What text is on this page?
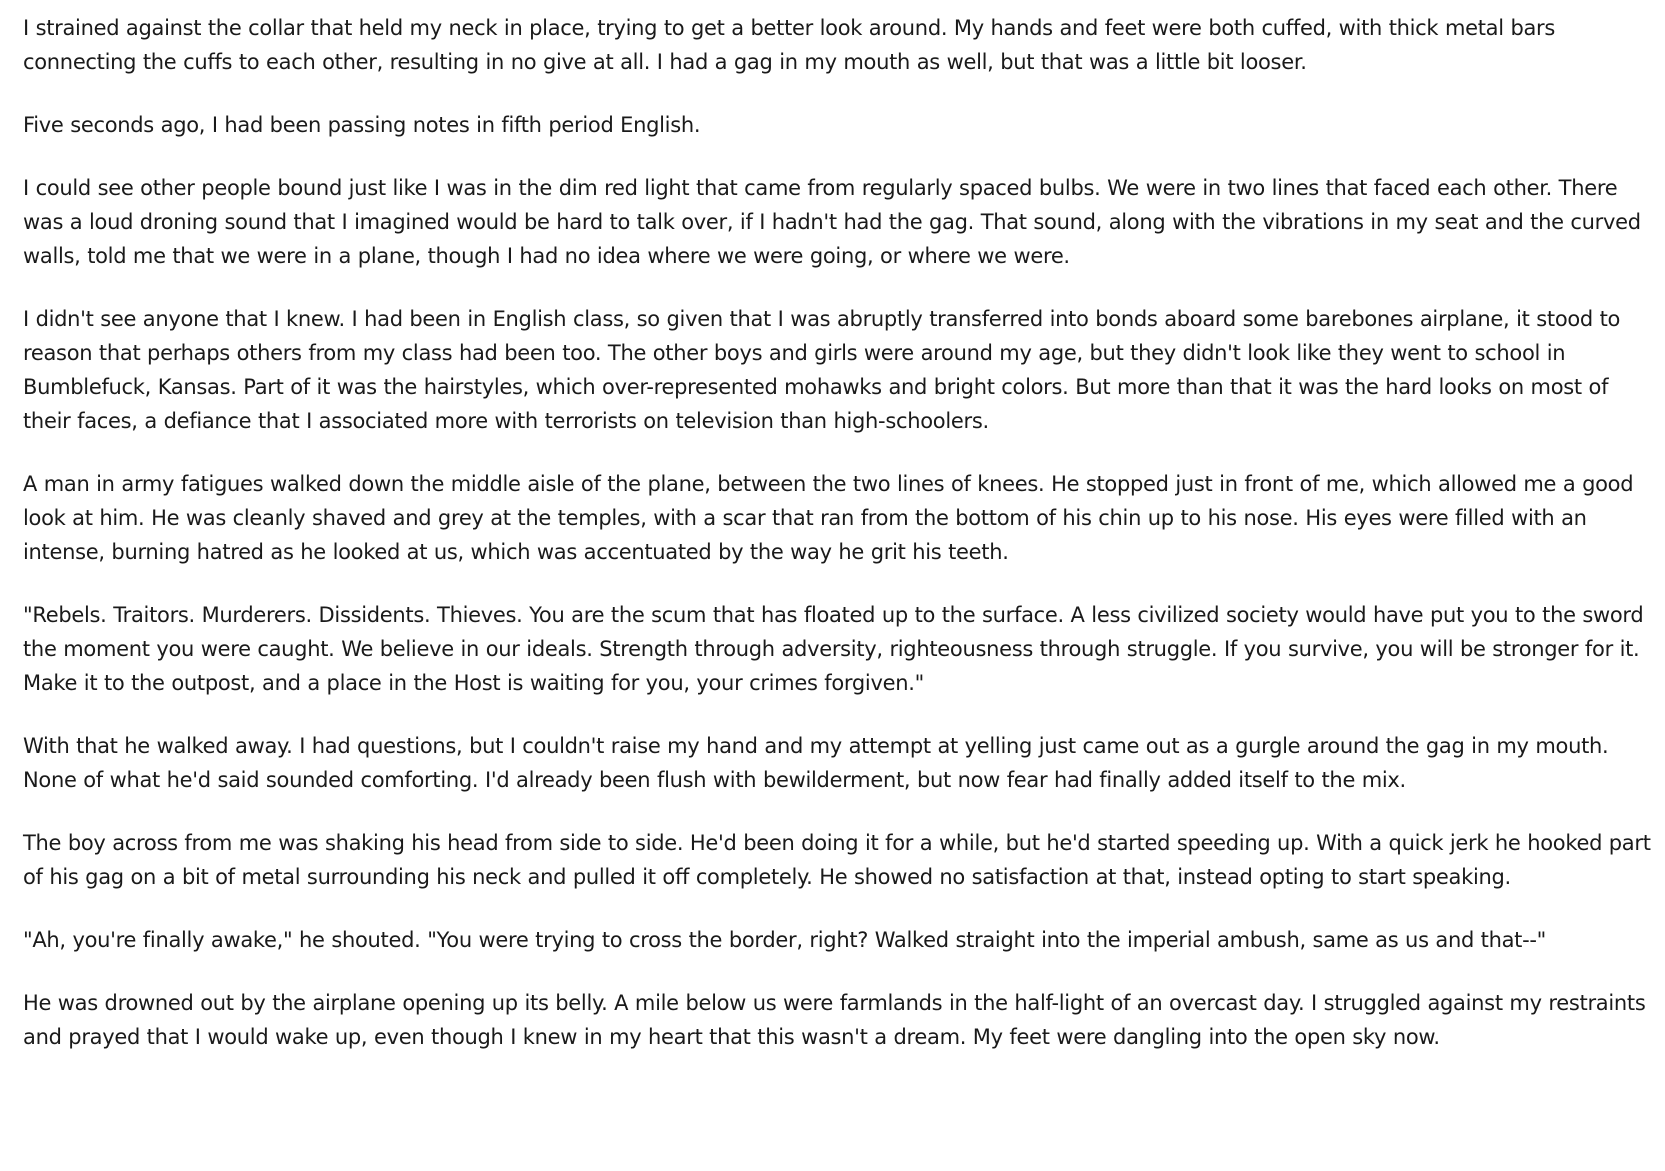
I strained against the collar that held my neck in place, trying to get a better look around. My hands and feet were both cuffed, with thick metal bars connecting the cuffs to each other, resulting in no give at all. I had a gag in my mouth as well, but that was a little bit looser.

Five seconds ago, I had been passing notes in fifth period English.

I could see other people bound just like I was in the dim red light that came from regularly spaced bulbs. We were in two lines that faced each other. There was a loud droning sound that I imagined would be hard to talk over, if I hadn't had the gag. That sound, along with the vibrations in my seat and the curved walls, told me that we were in a plane, though I had no idea where we were going, or where we were.

I didn't see anyone that I knew. I had been in English class, so given that I was abruptly transferred into bonds aboard some barebones airplane, it stood to reason that perhaps others from my class had been too. The other boys and girls were around my age, but they didn't look like they went to school in Bumblefuck, Kansas. Part of it was the hairstyles, which over-represented mohawks and bright colors. But more than that it was the hard looks on most of their faces, a defiance that I associated more with terrorists on television than high-schoolers.

A man in army fatigues walked down the middle aisle of the plane, between the two lines of knees. He stopped just in front of me, which allowed me a good look at him. He was cleanly shaved and grey at the temples, with a scar that ran from the bottom of his chin up to his nose. His eyes were filled with an intense, burning hatred as he looked at us, which was accentuated by the way he grit his teeth.

"Rebels. Traitors. Murderers. Dissidents. Thieves. You are the scum that has floated up to the surface. A less civilized society would have put you to the sword the moment you were caught. We believe in our ideals. Strength through adversity, righteousness through struggle. If you survive, you will be stronger for it. Make it to the outpost, and a place in the Host is waiting for you, your crimes forgiven."

With that he walked away. I had questions, but I couldn't raise my hand and my attempt at yelling just came out as a gurgle around the gag in my mouth. None of what he'd said sounded comforting. I'd already been flush with bewilderment, but now fear had finally added itself to the mix.

The boy across from me was shaking his head from side to side. He'd been doing it for a while, but he'd started speeding up. With a quick jerk he hooked part of his gag on a bit of metal surrounding his neck and pulled it off completely. He showed no satisfaction at that, instead opting to start speaking.

"Ah, you're finally awake," he shouted. "You were trying to cross the border, right? Walked straight into the imperial ambush, same as us and that--"

He was drowned out by the airplane opening up its belly. A mile below us were farmlands in the half-light of an overcast day. I struggled against my restraints and prayed that I would wake up, even though I knew in my heart that this wasn't a dream. My feet were dangling into the open sky now.
